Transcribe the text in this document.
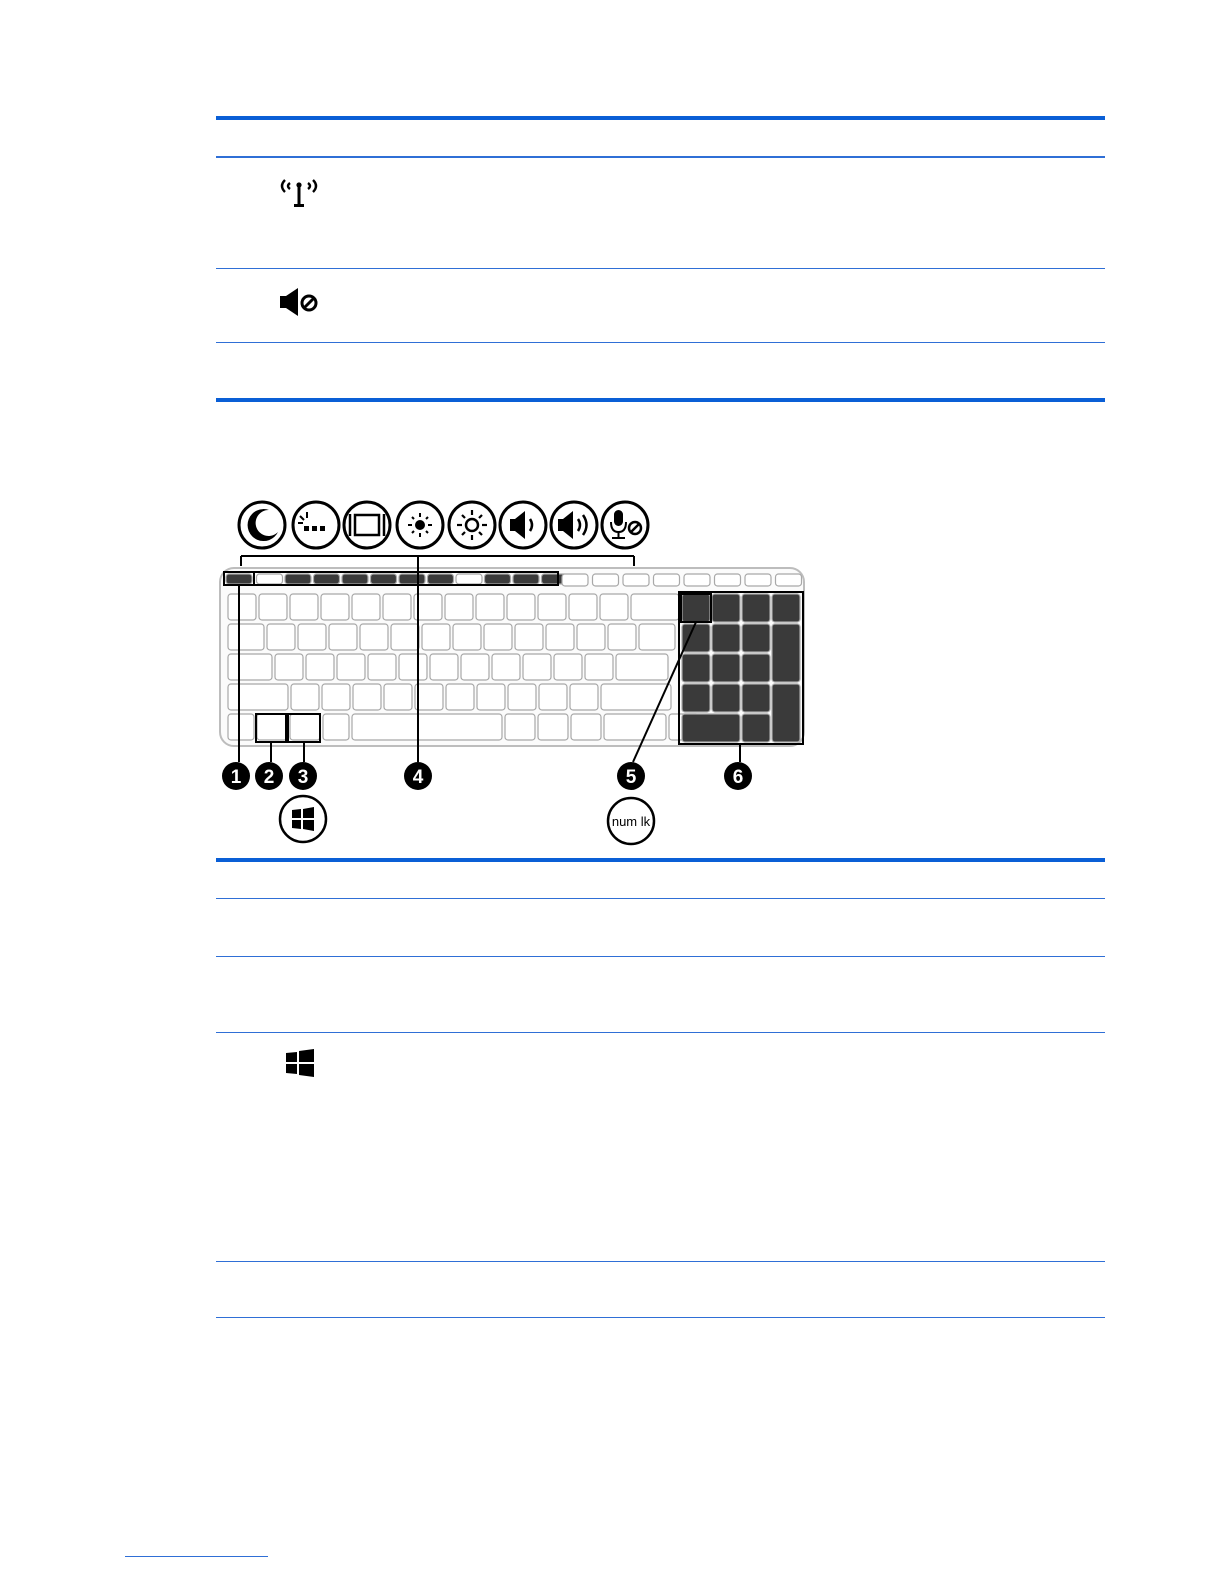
1 2 3	4	5	6
num lk
